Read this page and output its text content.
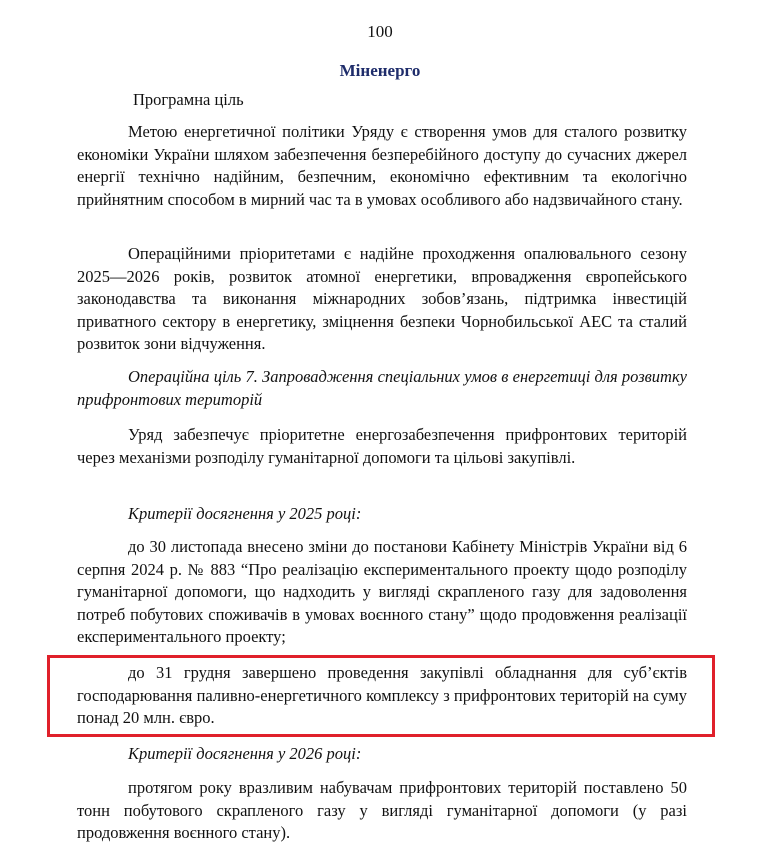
100
Міненерго

Програмна ціль

Метою енергетичної політики Уряду є створення умов для сталого розвитку економіки України шляхом забезпечення безперебійного доступу до сучасних джерел енергії технічно надійним, безпечним, економічно ефективним та екологічно прийнятним способом в мирний час та в умовах особливого або надзвичайного стану.

Операційними пріоритетами є надійне проходження опалювального сезону 2025—2026 років, розвиток атомної енергетики, впровадження європейського законодавства та виконання міжнародних зобов’язань, підтримка інвестицій приватного сектору в енергетику, зміцнення безпеки Чорнобильської АЕС та сталий розвиток зони відчуження.

Операційна ціль 7. Запровадження спеціальних умов в енергетиці для розвитку прифронтових територій

Уряд забезпечує пріоритетне енергозабезпечення прифронтових територій через механізми розподілу гуманітарної допомоги та цільові закупівлі.

Критерії досягнення у 2025 році:

до 30 листопада внесено зміни до постанови Кабінету Міністрів України від 6 серпня 2024 р. № 883 “Про реалізацію експериментального проекту щодо розподілу гуманітарної допомоги, що надходить у вигляді скрапленого газу для задоволення потреб побутових споживачів в умовах воєнного стану” щодо продовження реалізації експериментального проекту;

до 31 грудня завершено проведення закупівлі обладнання для суб’єктів господарювання паливно-енергетичного комплексу з прифронтових територій на суму понад 20 млн. євро.

Критерії досягнення у 2026 році:

протягом року вразливим набувачам прифронтових територій поставлено 50 тонн побутового скрапленого газу у вигляді гуманітарної допомоги (у разі продовження воєнного стану).
